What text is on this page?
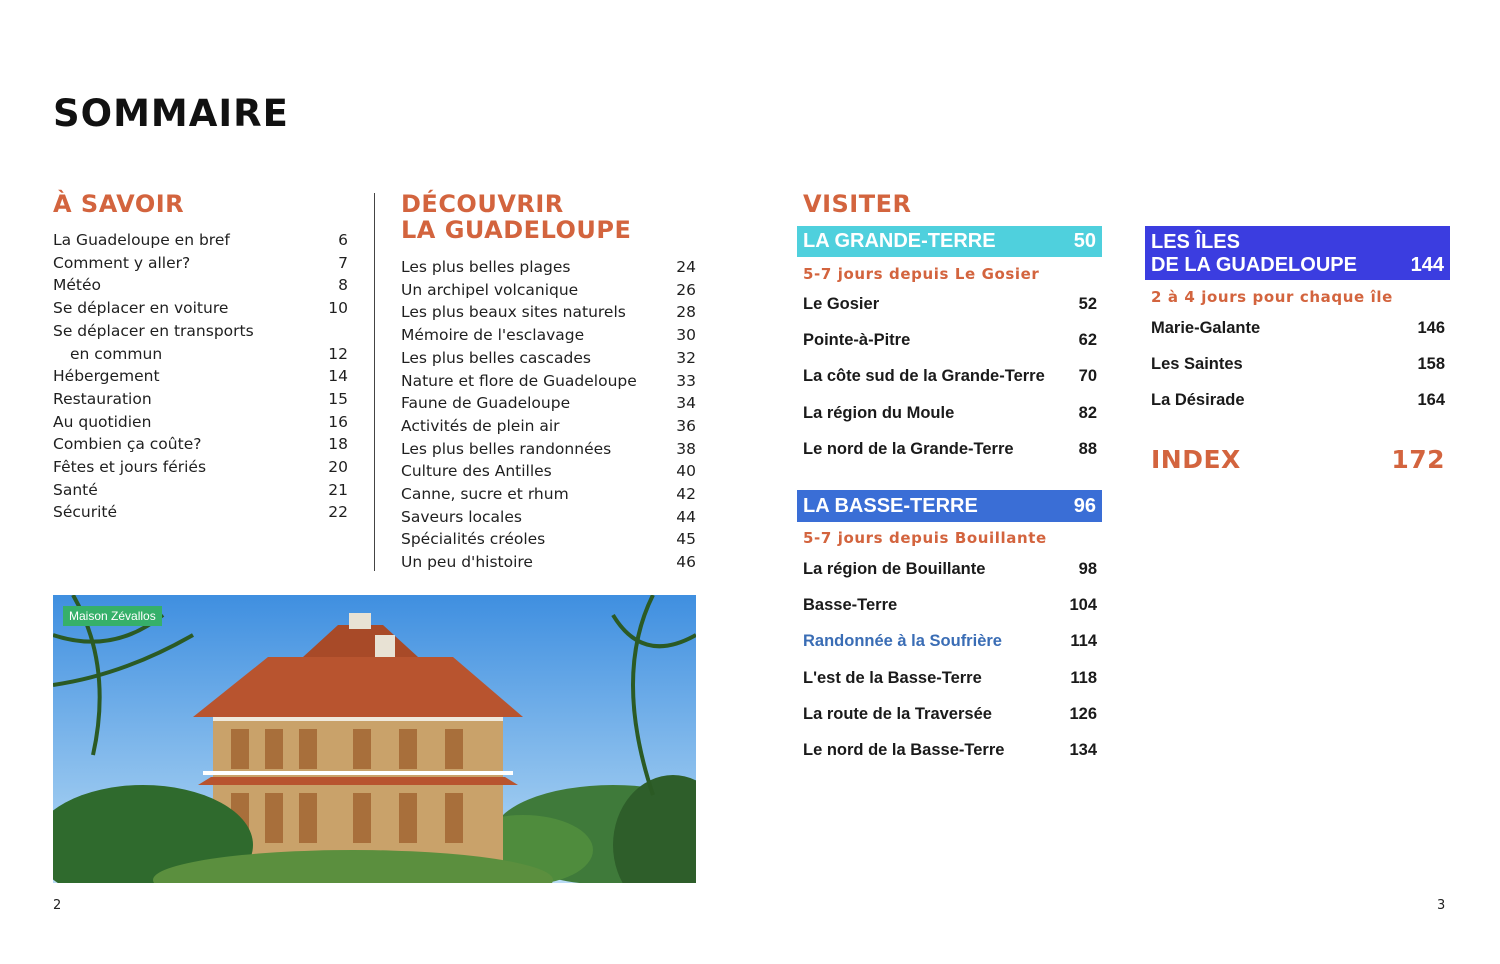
SOMMAIRE
À SAVOIR
La Guadeloupe en bref	6
Comment y aller?	7
Météo	8
Se déplacer en voiture	10
Se déplacer en transports
en commun	12
Hébergement	14
Restauration	15
Au quotidien	16
Combien ça coûte?	18
Fêtes et jours fériés	20
Santé	21
Sécurité	22
DÉCOUVRIR
LA GUADELOUPE
Les plus belles plages	24
Un archipel volcanique	26
Les plus beaux sites naturels	28
Mémoire de l'esclavage	30
Les plus belles cascades	32
Nature et flore de Guadeloupe	33
Faune de Guadeloupe	34
Activités de plein air	36
Les plus belles randonnées	38
Culture des Antilles	40
Canne, sucre et rhum	42
Saveurs locales	44
Spécialités créoles	45
Un peu d'histoire	46
Maison Zévallos
VISITER
LA GRANDE-TERRE	50
5-7 jours depuis Le Gosier
Le Gosier	52
Pointe-à-Pitre	62
La côte sud de la Grande-Terre 70
La région du Moule	82
Le nord de la Grande-Terre	88
LA BASSE-TERRE	96
5-7 jours depuis Bouillante
La région de Bouillante	98
Basse-Terre	104
Randonnée à la Soufrière	114
L'est de la Basse-Terre	118
La route de la Traversée	126
Le nord de la Basse-Terre	134
LES ÎLES
DE LA GUADELOUPE	144
2 à 4 jours pour chaque île
Marie-Galante	146
Les Saintes	158
La Désirade	164
INDEX	172
2	3
